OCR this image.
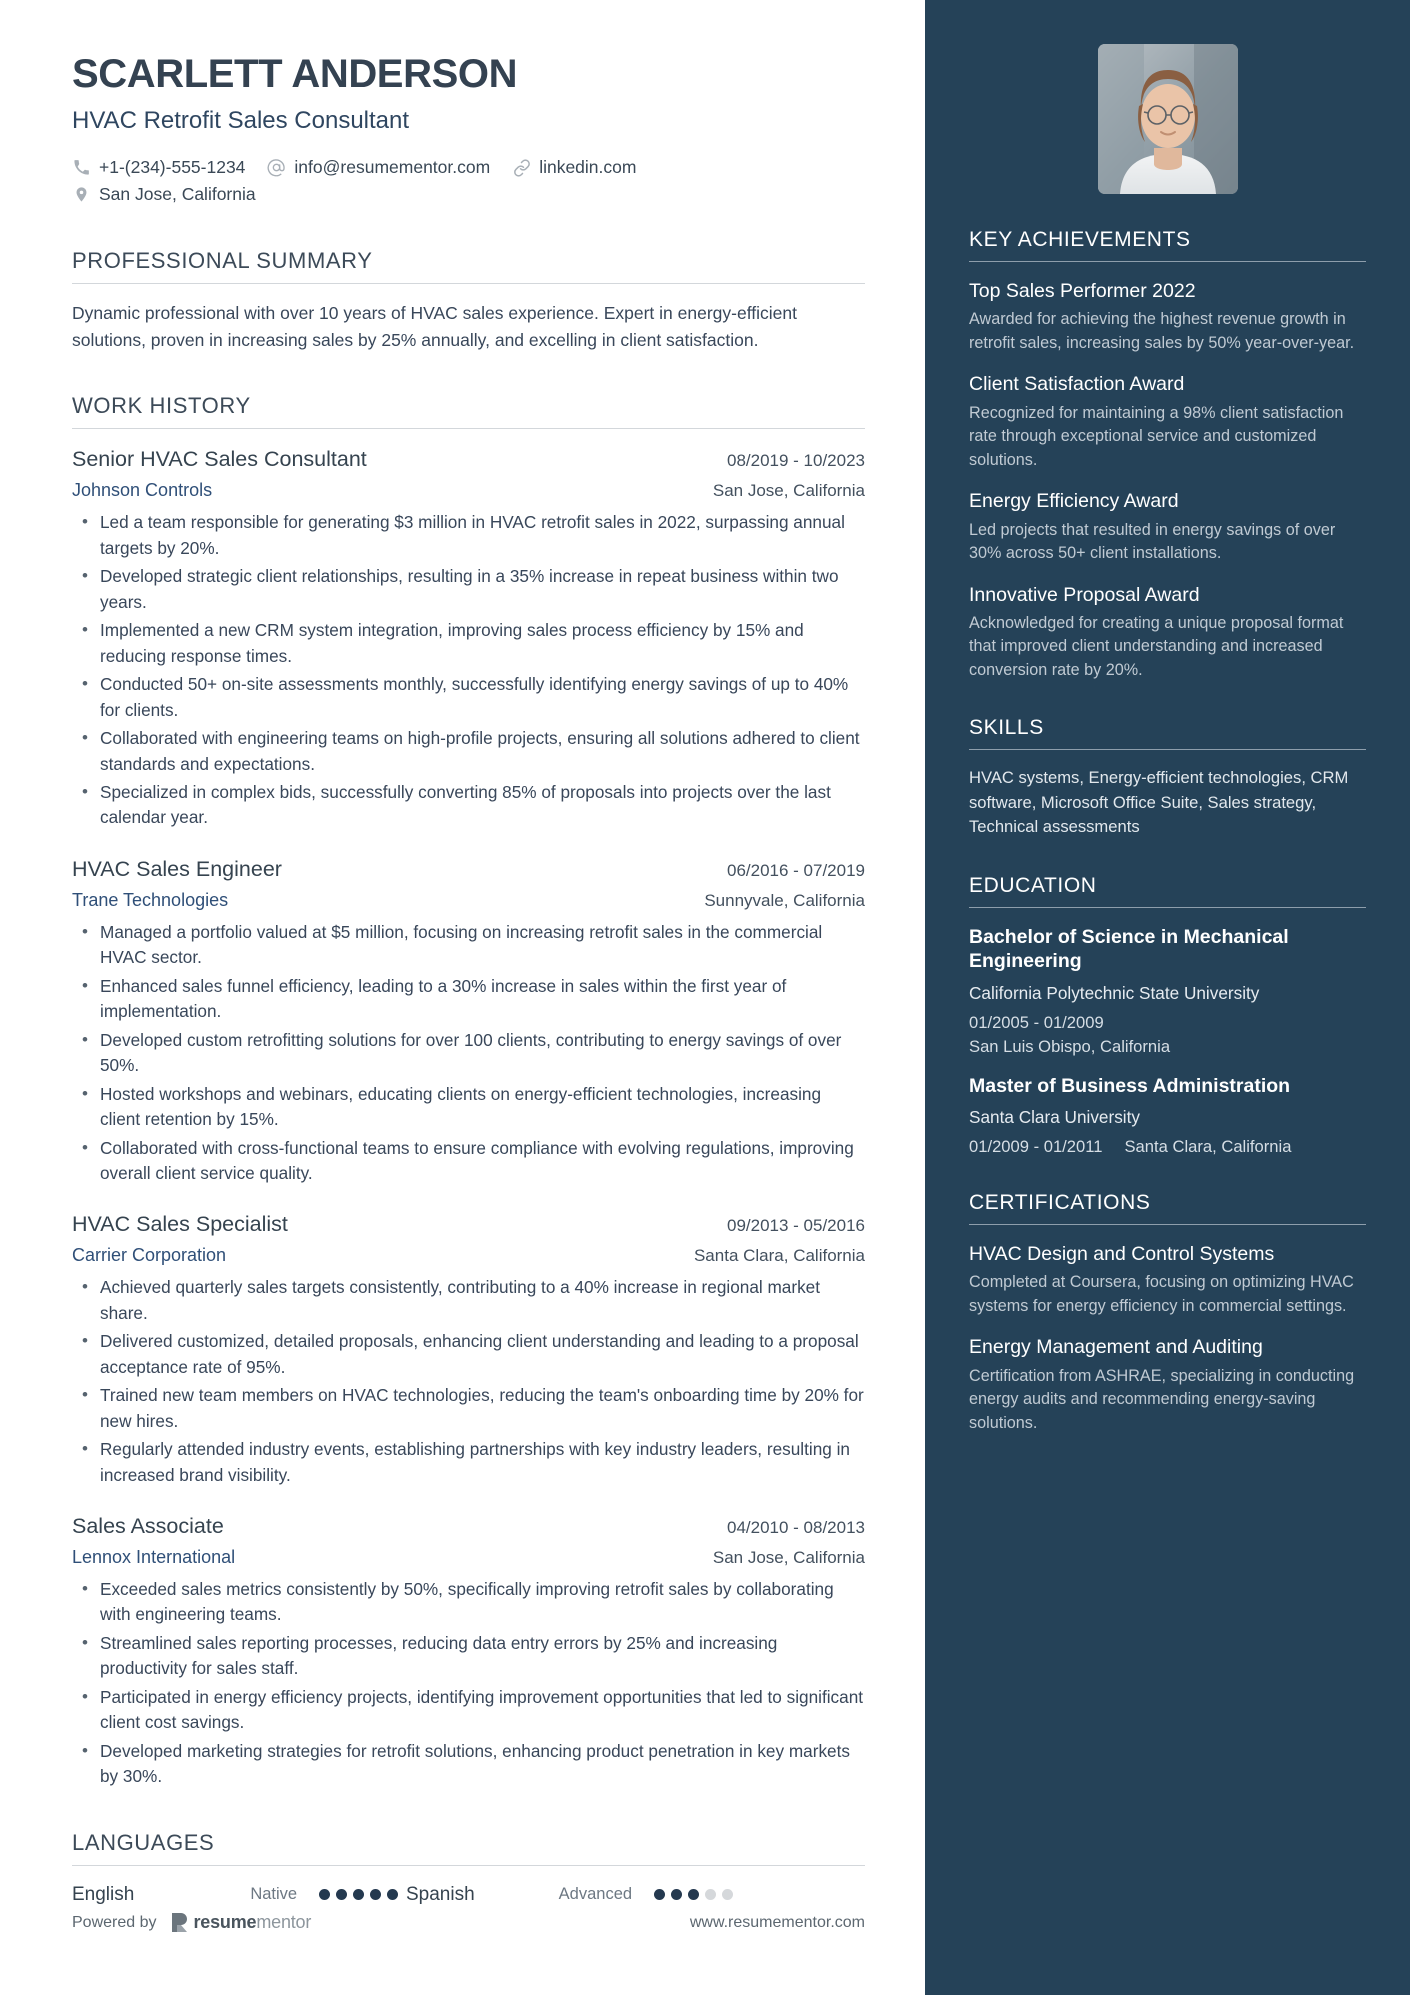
SCARLETT ANDERSON
HVAC Retrofit Sales Consultant
+1-(234)-555-1234	info@resumementor.com	linkedin.com
San Jose, California
PROFESSIONAL SUMMARY
Dynamic professional with over 10 years of HVAC sales experience. Expert in energy-efficient solutions, proven in increasing sales by 25% annually, and excelling in client satisfaction.
WORK HISTORY
Senior HVAC Sales Consultant	08/2019 - 10/2023
Johnson Controls	San Jose, California
• Led a team responsible for generating $3 million in HVAC retrofit sales in 2022, surpassing annual targets by 20%.
• Developed strategic client relationships, resulting in a 35% increase in repeat business within two years.
• Implemented a new CRM system integration, improving sales process efficiency by 15% and reducing response times.
• Conducted 50+ on-site assessments monthly, successfully identifying energy savings of up to 40% for clients.
• Collaborated with engineering teams on high-profile projects, ensuring all solutions adhered to client standards and expectations.
• Specialized in complex bids, successfully converting 85% of proposals into projects over the last calendar year.
HVAC Sales Engineer	06/2016 - 07/2019
Trane Technologies	Sunnyvale, California
• Managed a portfolio valued at $5 million, focusing on increasing retrofit sales in the commercial HVAC sector.
• Enhanced sales funnel efficiency, leading to a 30% increase in sales within the first year of implementation.
• Developed custom retrofitting solutions for over 100 clients, contributing to energy savings of over 50%.
• Hosted workshops and webinars, educating clients on energy-efficient technologies, increasing client retention by 15%.
• Collaborated with cross-functional teams to ensure compliance with evolving regulations, improving overall client service quality.
HVAC Sales Specialist	09/2013 - 05/2016
Carrier Corporation	Santa Clara, California
• Achieved quarterly sales targets consistently, contributing to a 40% increase in regional market share.
• Delivered customized, detailed proposals, enhancing client understanding and leading to a proposal acceptance rate of 95%.
• Trained new team members on HVAC technologies, reducing the team's onboarding time by 20% for new hires.
• Regularly attended industry events, establishing partnerships with key industry leaders, resulting in increased brand visibility.
Sales Associate	04/2010 - 08/2013
Lennox International	San Jose, California
• Exceeded sales metrics consistently by 50%, specifically improving retrofit sales by collaborating with engineering teams.
• Streamlined sales reporting processes, reducing data entry errors by 25% and increasing productivity for sales staff.
• Participated in energy efficiency projects, identifying improvement opportunities that led to significant client cost savings.
• Developed marketing strategies for retrofit solutions, enhancing product penetration in key markets by 30%.
LANGUAGES
English	Native	Spanish	Advanced
Powered by resumementor	www.resumementor.com
KEY ACHIEVEMENTS
Top Sales Performer 2022
Awarded for achieving the highest revenue growth in retrofit sales, increasing sales by 50% year-over-year.
Client Satisfaction Award
Recognized for maintaining a 98% client satisfaction rate through exceptional service and customized solutions.
Energy Efficiency Award
Led projects that resulted in energy savings of over 30% across 50+ client installations.
Innovative Proposal Award
Acknowledged for creating a unique proposal format that improved client understanding and increased conversion rate by 20%.
SKILLS
HVAC systems, Energy-efficient technologies, CRM software, Microsoft Office Suite, Sales strategy, Technical assessments
EDUCATION
Bachelor of Science in Mechanical Engineering
California Polytechnic State University
01/2005 - 01/2009
San Luis Obispo, California
Master of Business Administration
Santa Clara University
01/2009 - 01/2011 Santa Clara, California
CERTIFICATIONS
HVAC Design and Control Systems
Completed at Coursera, focusing on optimizing HVAC systems for energy efficiency in commercial settings.
Energy Management and Auditing
Certification from ASHRAE, specializing in conducting energy audits and recommending energy-saving solutions.
